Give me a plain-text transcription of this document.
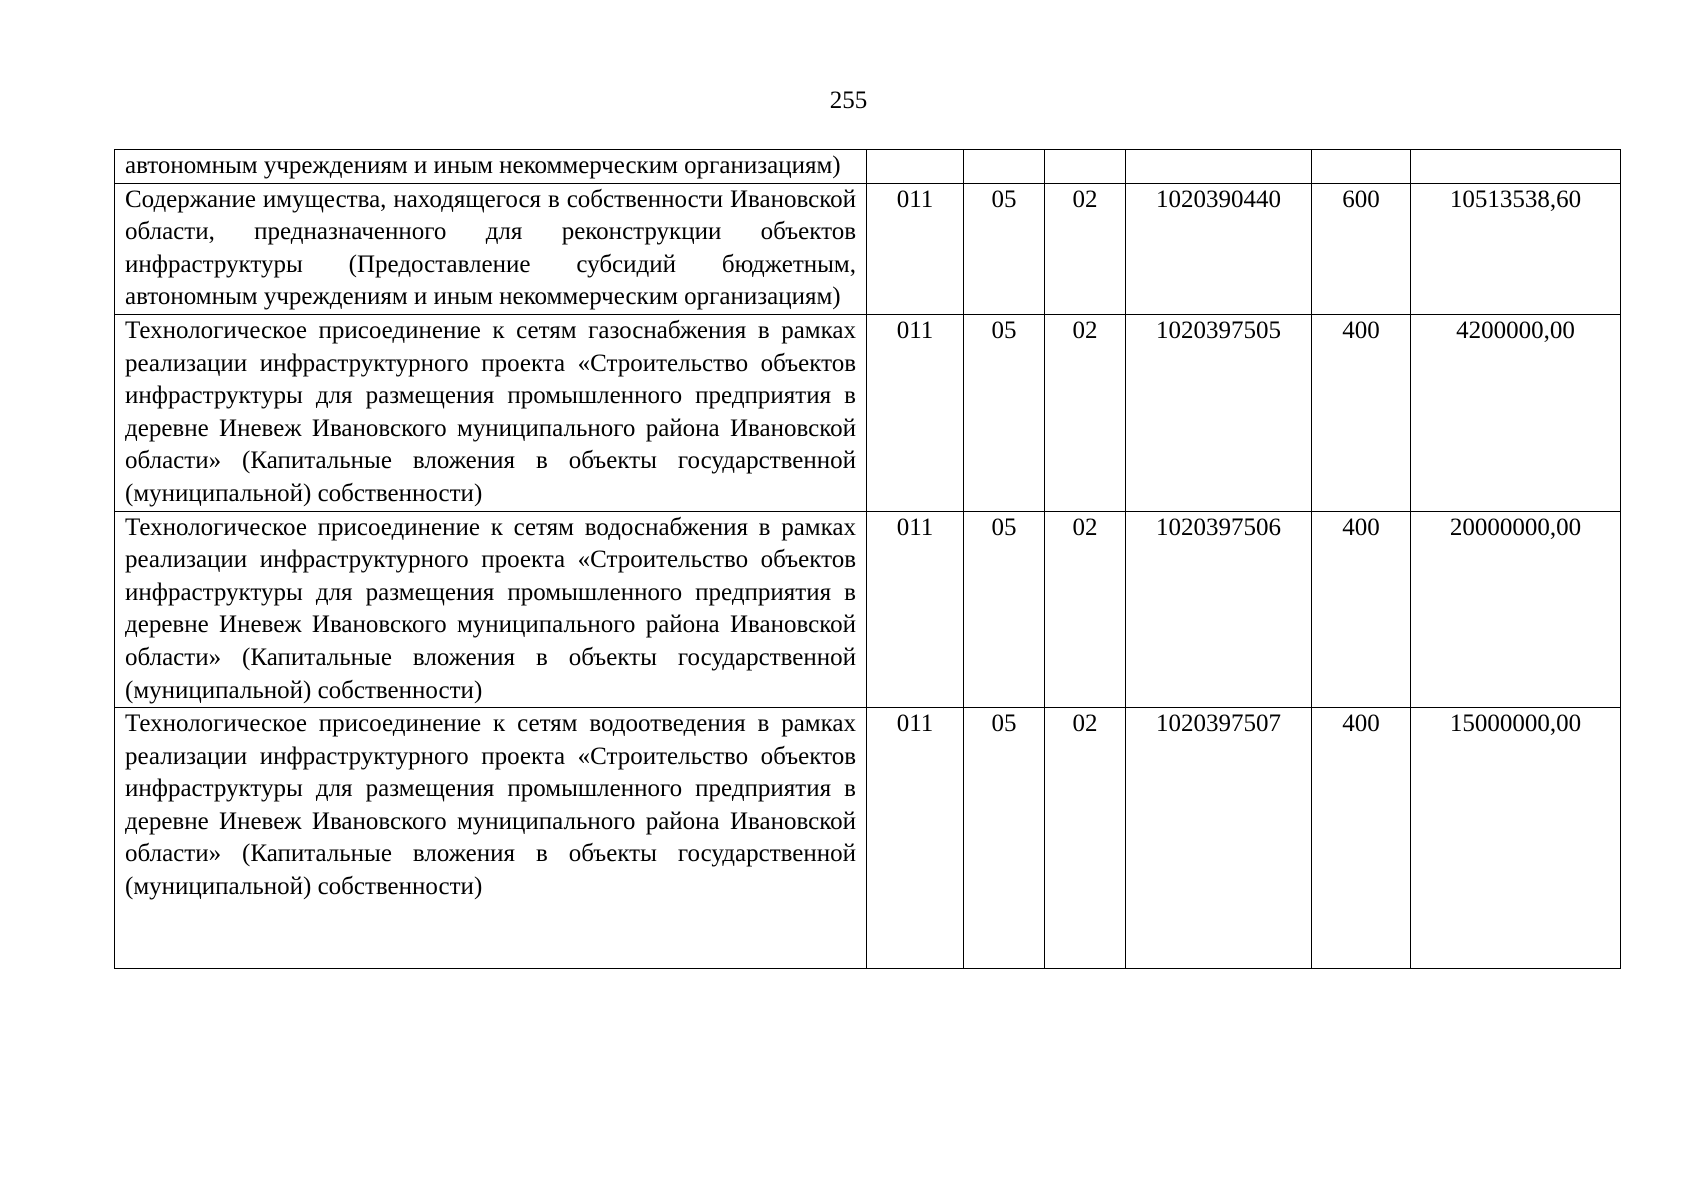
255
автономным учреждениям и иным некоммерческим организациям)						
Содержание имущества, находящегося в собственности Ивановской области, предназначенного для реконструкции объектов инфраструктуры (Предоставление субсидий бюджетным, автономным учреждениям и иным некоммерческим организациям)	011	05	02	1020390440	600	10513538,60
Технологическое присоединение к сетям газоснабжения в рамках реализации инфраструктурного проекта «Строительство объектов инфраструктуры для размещения промышленного предприятия в деревне Иневеж Ивановского муниципального района Ивановской области» (Капитальные вложения в объекты государственной (муниципальной) собственности)	011	05	02	1020397505	400	4200000,00
Технологическое присоединение к сетям водоснабжения в рамках реализации инфраструктурного проекта «Строительство объектов инфраструктуры для размещения промышленного предприятия в деревне Иневеж Ивановского муниципального района Ивановской области» (Капитальные вложения в объекты государственной (муниципальной) собственности)	011	05	02	1020397506	400	20000000,00
Технологическое присоединение к сетям водоотведения в рамках реализации инфраструктурного проекта «Строительство объектов инфраструктуры для размещения промышленного предприятия в деревне Иневеж Ивановского муниципального района Ивановской области» (Капитальные вложения в объекты государственной (муниципальной) собственности)	011	05	02	1020397507	400	15000000,00
